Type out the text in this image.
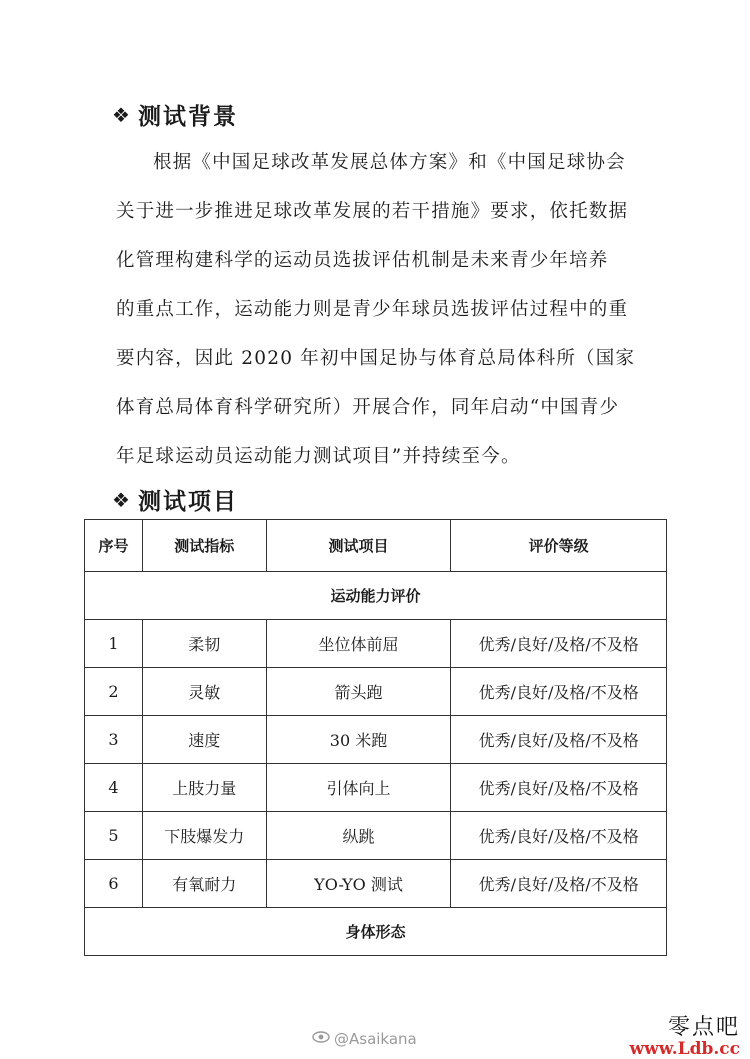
❖ 测试背景
根据《中国足球改革发展总体方案》和《中国足球协会
关于进一步推进足球改革发展的若干措施》要求，依托数据
化管理构建科学的运动员选拔评估机制是未来青少年培养
的重点工作，运动能力则是青少年球员选拔评估过程中的重
要内容，因此 2020 年初中国足协与体育总局体科所（国家
体育总局体育科学研究所）开展合作，同年启动“中国青少
年足球运动员运动能力测试项目”并持续至今。
❖ 测试项目
序号	测试指标	测试项目	评价等级
运动能力评价			
1	柔韧	坐位体前屈	优秀/良好/及格/不及格
2	灵敏	箭头跑	优秀/良好/及格/不及格
3	速度	30 米跑	优秀/良好/及格/不及格
4	上肢力量	引体向上	优秀/良好/及格/不及格
5	下肢爆发力	纵跳	优秀/良好/及格/不及格
6	有氧耐力	YO-YO 测试	优秀/良好/及格/不及格
身体形态			
@Asaikana	零点吧
www.Ldb.cc
